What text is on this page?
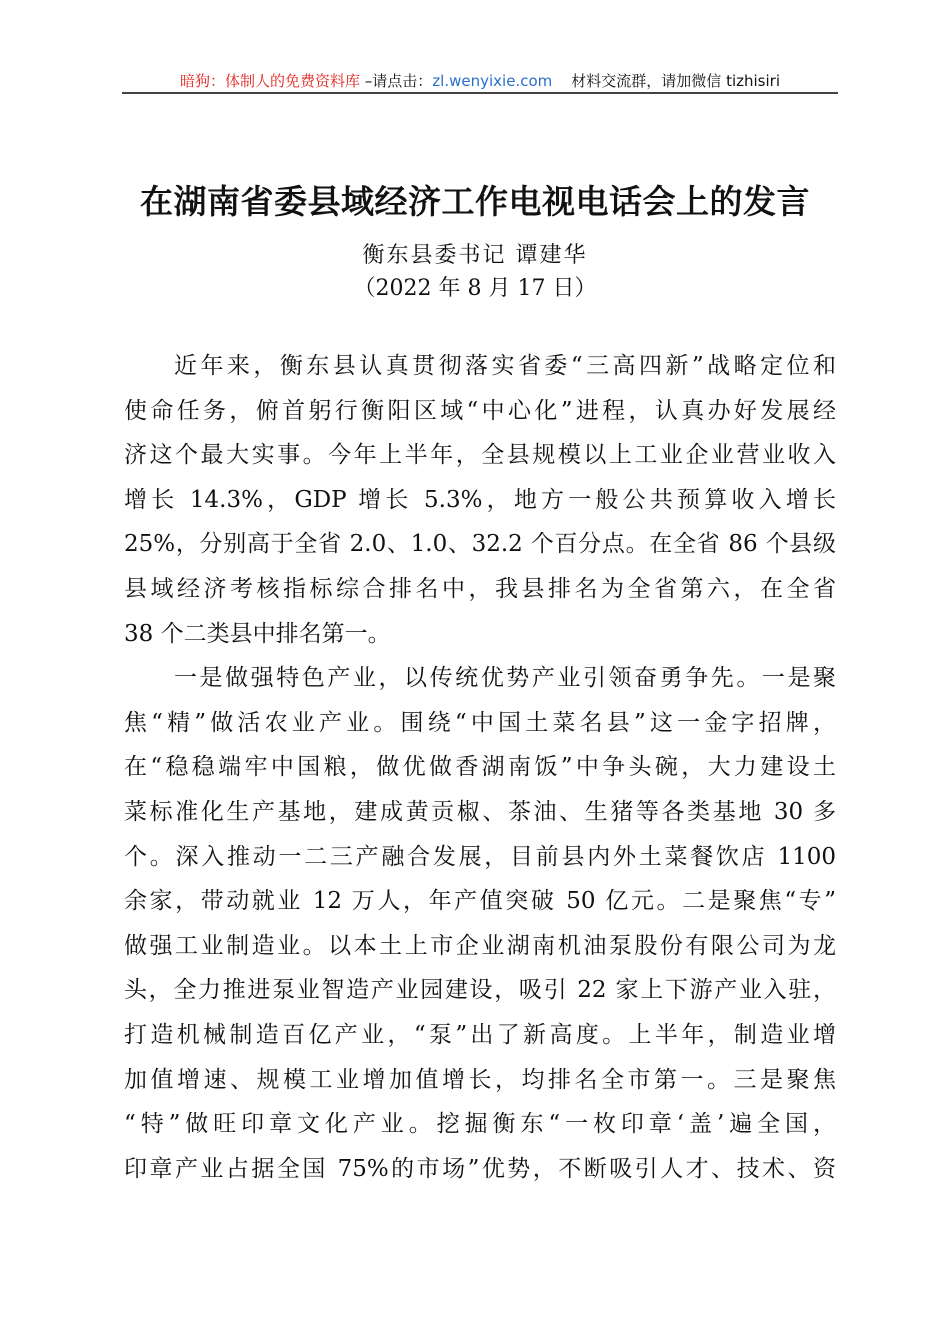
暗狗：体制人的免费资料库 –请点击：zl.wenyixie.com    材料交流群，请加微信 tizhisiri
在湖南省委县域经济工作电视电话会上的发言
衡东县委书记 谭建华
（2022 年 8 月 17 日）
近年来，衡东县认真贯彻落实省委“三高四新”战略定位和
使命任务，俯首躬行衡阳区域“中心化”进程，认真办好发展经
济这个最大实事。今年上半年，全县规模以上工业企业营业收入
增长 14.3%，GDP 增长 5.3%，地方一般公共预算收入增长
25%，分别高于全省 2.0、1.0、32.2 个百分点。在全省 86 个县级
县域经济考核指标综合排名中，我县排名为全省第六，在全省
38 个二类县中排名第一。
一是做强特色产业，以传统优势产业引领奋勇争先。一是聚
焦“精”做活农业产业。围绕“中国土菜名县”这一金字招牌，
在“稳稳端牢中国粮，做优做香湖南饭”中争头碗，大力建设土
菜标准化生产基地，建成黄贡椒、茶油、生猪等各类基地 30 多
个。深入推动一二三产融合发展，目前县内外土菜餐饮店 1100
余家，带动就业 12 万人，年产值突破 50 亿元。二是聚焦“专”
做强工业制造业。以本土上市企业湖南机油泵股份有限公司为龙
头，全力推进泵业智造产业园建设，吸引 22 家上下游产业入驻，
打造机械制造百亿产业，“泵”出了新高度。上半年，制造业增
加值增速、规模工业增加值增长，均排名全市第一。三是聚焦
“特”做旺印章文化产业。挖掘衡东“一枚印章‘盖’遍全国，
印章产业占据全国 75%的市场”优势，不断吸引人才、技术、资
